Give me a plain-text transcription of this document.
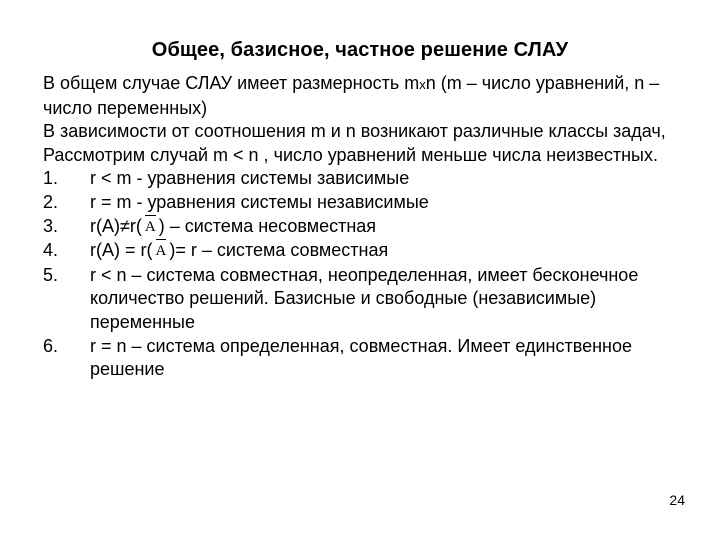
Общее, базисное, частное решение СЛАУ

В общем случае СЛАУ имеет размерность mxn (m – число уравнений, n – число переменных)

В зависимости от соотношения m и n возникают различные классы задач, Рассмотрим случай m < n , число уравнений меньше числа неизвестных.

1.	r < m - уравнения системы зависимые
2.	r = m - уравнения системы независимые
3.	r(A)≠r( A ) – система несовместная
4.	r(A) = r( A )= r – система совместная
5.	r < n – система совместная, неопределенная, имеет бесконечное количество решений. Базисные и свободные (независимые) переменные
6.	r = n – система определенная, совместная. Имеет единственное решение
24
